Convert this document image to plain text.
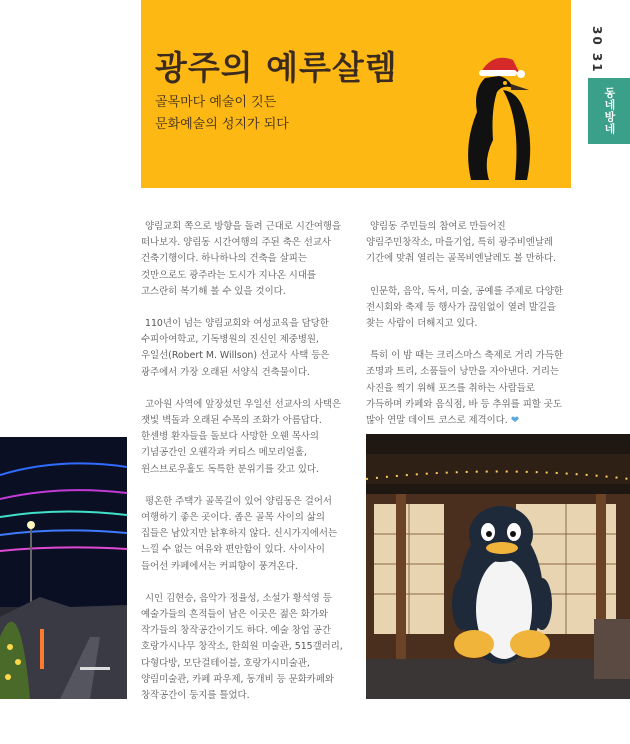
광주의 예루살렘

골목마다 예술이 깃든

문화예술의 성지가 되다

30 31
동네방네

양림교회 쪽으로 방향을 돌려 근대로 시간여행을 떠나보자. 양림동 시간여행의 주된 축은 선교사 건축기행이다. 하나하나의 건축을 살피는 것만으로도 광주라는 도시가 지나온 시대를 고스란히 복기해 볼 수 있을 것이다.

110년이 넘는 양림교회와 여성교육을 담당한 수피아여학교, 기독병원의 진신인 제중병원, 우일선(Robert M. Willson) 선교사 사택 등은 광주에서 가장 오래된 서양식 건축물이다.

고아원 사역에 앞장섰던 우일선 선교사의 사택은 잿빛 벽돌과 오래된 수목의 조화가 아름답다. 한센병 환자들을 돌보다 사망한 오웬 목사의 기념공간인 오웬각과 커티스 메모리얼홀, 윈스브로우홀도 독특한 분위기를 갖고 있다.

평온한 주택가 골목길이 있어 양림동은 걸어서 여행하기 좋은 곳이다. 좁은 골목 사이의 삶의 집들은 남았지만 낡후하지 않다. 신시가지에서는 느낄 수 없는 여유와 편안함이 있다. 사이사이 들어선 카페에서는 커피향이 풍겨온다.

시인 김현승, 음악가 정율성, 소설가 황석영 등 예술가들의 흔적들이 남은 이곳은 젊은 화가와 작가들의 창작공간이기도 하다. 예술 창업 공간 호랑가시나무 창작소, 한희원 미술관, 515갤러리, 다형다방, 모단걸테이블, 호랑가시미술관, 양림미술관, 카페 파우제, 동개비 등 문화카페와 창작공간이 둥지를 틀었다.

양림동 주민들의 참여로 만들어진 양림주민창작소, 마을기업, 특히 광주비엔날레 기간에 맞춰 열리는 골목비엔날레도 볼 만하다.

인문학, 음악, 독서, 미술, 공예를 주제로 다양한 전시회와 축제 등 행사가 끊임없이 열려 발길을 찾는 사람이 더해지고 있다.

특히 이 밤 때는 크리스마스 축제로 거리 가득한 조명과 트리, 소품들이 낭만을 자아낸다. 거리는 사진을 찍기 위해 포즈를 취하는 사람들로 가득하며 카페와 음식점, 바 등 추위를 피할 곳도 많아 연말 데이트 코스로 제격이다. ❤
